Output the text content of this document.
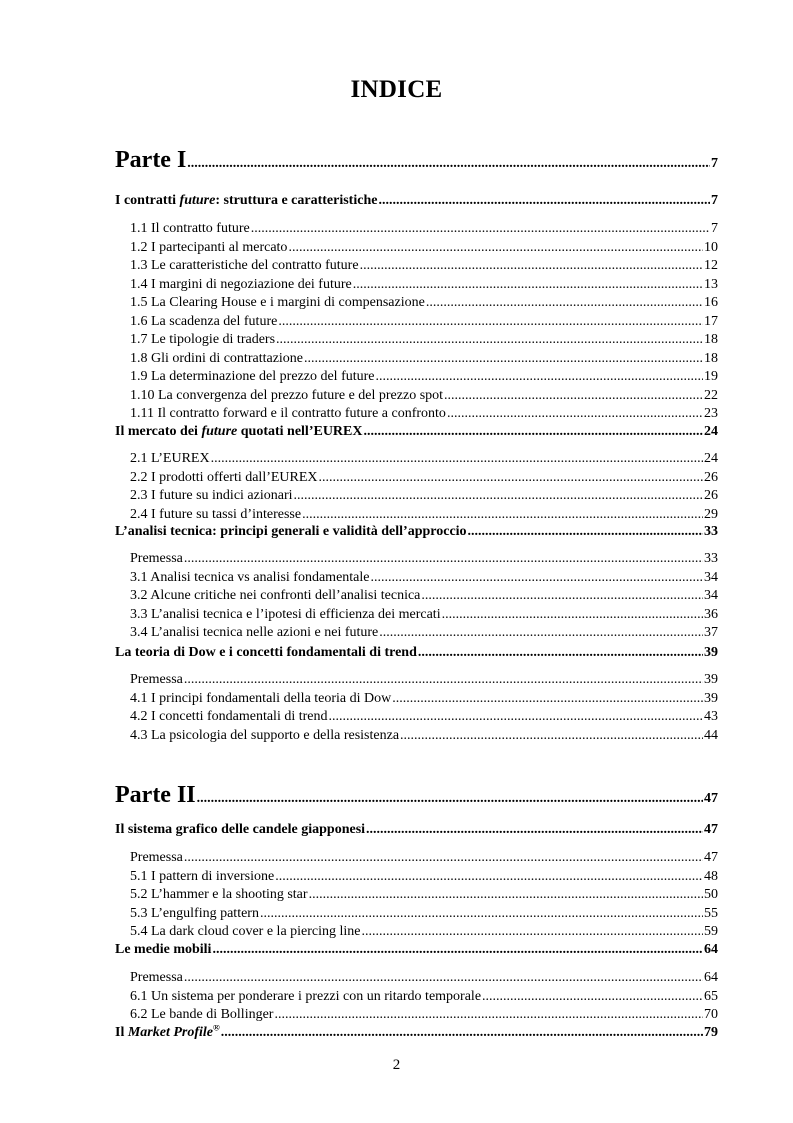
INDICE
Parte I .....	7
I contratti future: struttura e caratteristiche .....	7
1.1 Il contratto future .....	7
1.2 I partecipanti al mercato .....	10
1.3 Le caratteristiche del contratto future .....	12
1.4 I margini di negoziazione dei future .....	13
1.5 La Clearing House e i margini di compensazione .....	16
1.6 La scadenza del future .....	17
1.7 Le tipologie di traders .....	18
1.8 Gli ordini di contrattazione .....	18
1.9 La determinazione del prezzo del future .....	19
1.10 La convergenza del prezzo future e del prezzo spot .....	22
1.11 Il contratto forward e il contratto future a confronto .....	23
Il mercato dei future quotati nell’EUREX .....	24
2.1 L’EUREX .....	24
2.2 I prodotti offerti dall’EUREX .....	26
2.3 I future su indici azionari .....	26
2.4 I future su tassi d’interesse .....	29
L’analisi tecnica: principi generali e validità dell’approccio .....	33
Premessa .....	33
3.1 Analisi tecnica vs analisi fondamentale .....	34
3.2 Alcune critiche nei confronti dell’analisi tecnica .....	34
3.3 L’analisi tecnica e l’ipotesi di efficienza dei mercati .....	36
3.4 L’analisi tecnica nelle azioni e nei future .....	37
La teoria di Dow e i concetti fondamentali di trend .....	39
Premessa .....	39
4.1 I principi fondamentali della teoria di Dow .....	39
4.2 I concetti fondamentali di trend .....	43
4.3 La psicologia del supporto e della resistenza .....	44
Parte II .....	47
Il sistema grafico delle candele giapponesi .....	47
Premessa .....	47
5.1 I pattern di inversione .....	48
5.2 L’hammer e la shooting star .....	50
5.3 L’engulfing pattern .....	55
5.4 La dark cloud cover e la piercing line .....	59
Le medie mobili .....	64
Premessa .....	64
6.1 Un sistema per ponderare i prezzi con un ritardo temporale .....	65
6.2 Le bande di Bollinger .....	70
Il Market Profile® .....	79
2
